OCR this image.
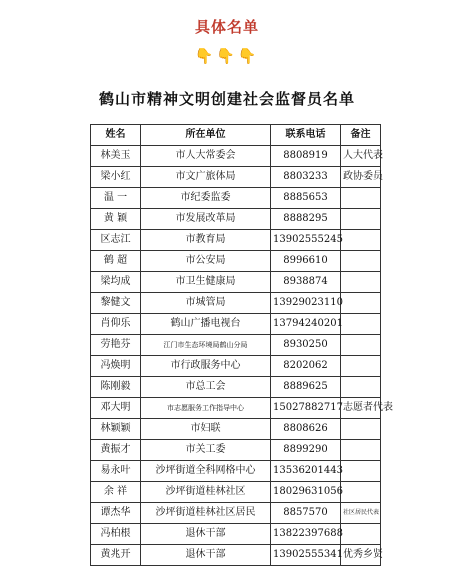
具体名单
👇👇👇
鹤山市精神文明创建社会监督员名单
姓名	所在单位	联系电话	备注
林美玉	市人大常委会	8808919	人大代表
梁小红	市文广旅体局	8803233	政协委员
温 一	市纪委监委	8885653	
黄 颖	市发展改革局	8888295	
区志江	市教育局	13902555245	
鹤 超	市公安局	8996610	
梁均成	市卫生健康局	8938874	
黎健文	市城管局	13929023110	
肖仰乐	鹤山广播电视台	13794240201	
劳艳芬	江门市生态环境局鹤山分局	8930250	
冯焕明	市行政服务中心	8202062	
陈刚毅	市总工会	8889625	
邓大明	市志愿服务工作指导中心	15027882717	志愿者代表
林颖颖	市妇联	8808626	
黄振才	市关工委	8899290	
易永叶	沙坪街道全科网格中心	13536201443	
余 祥	沙坪街道桂林社区	18029631056	
谭杰华	沙坪街道桂林社区居民	8857570	社区居民代表
冯柏根	退休干部	13822397688	
黄兆开	退休干部	13902555341	优秀乡贤
